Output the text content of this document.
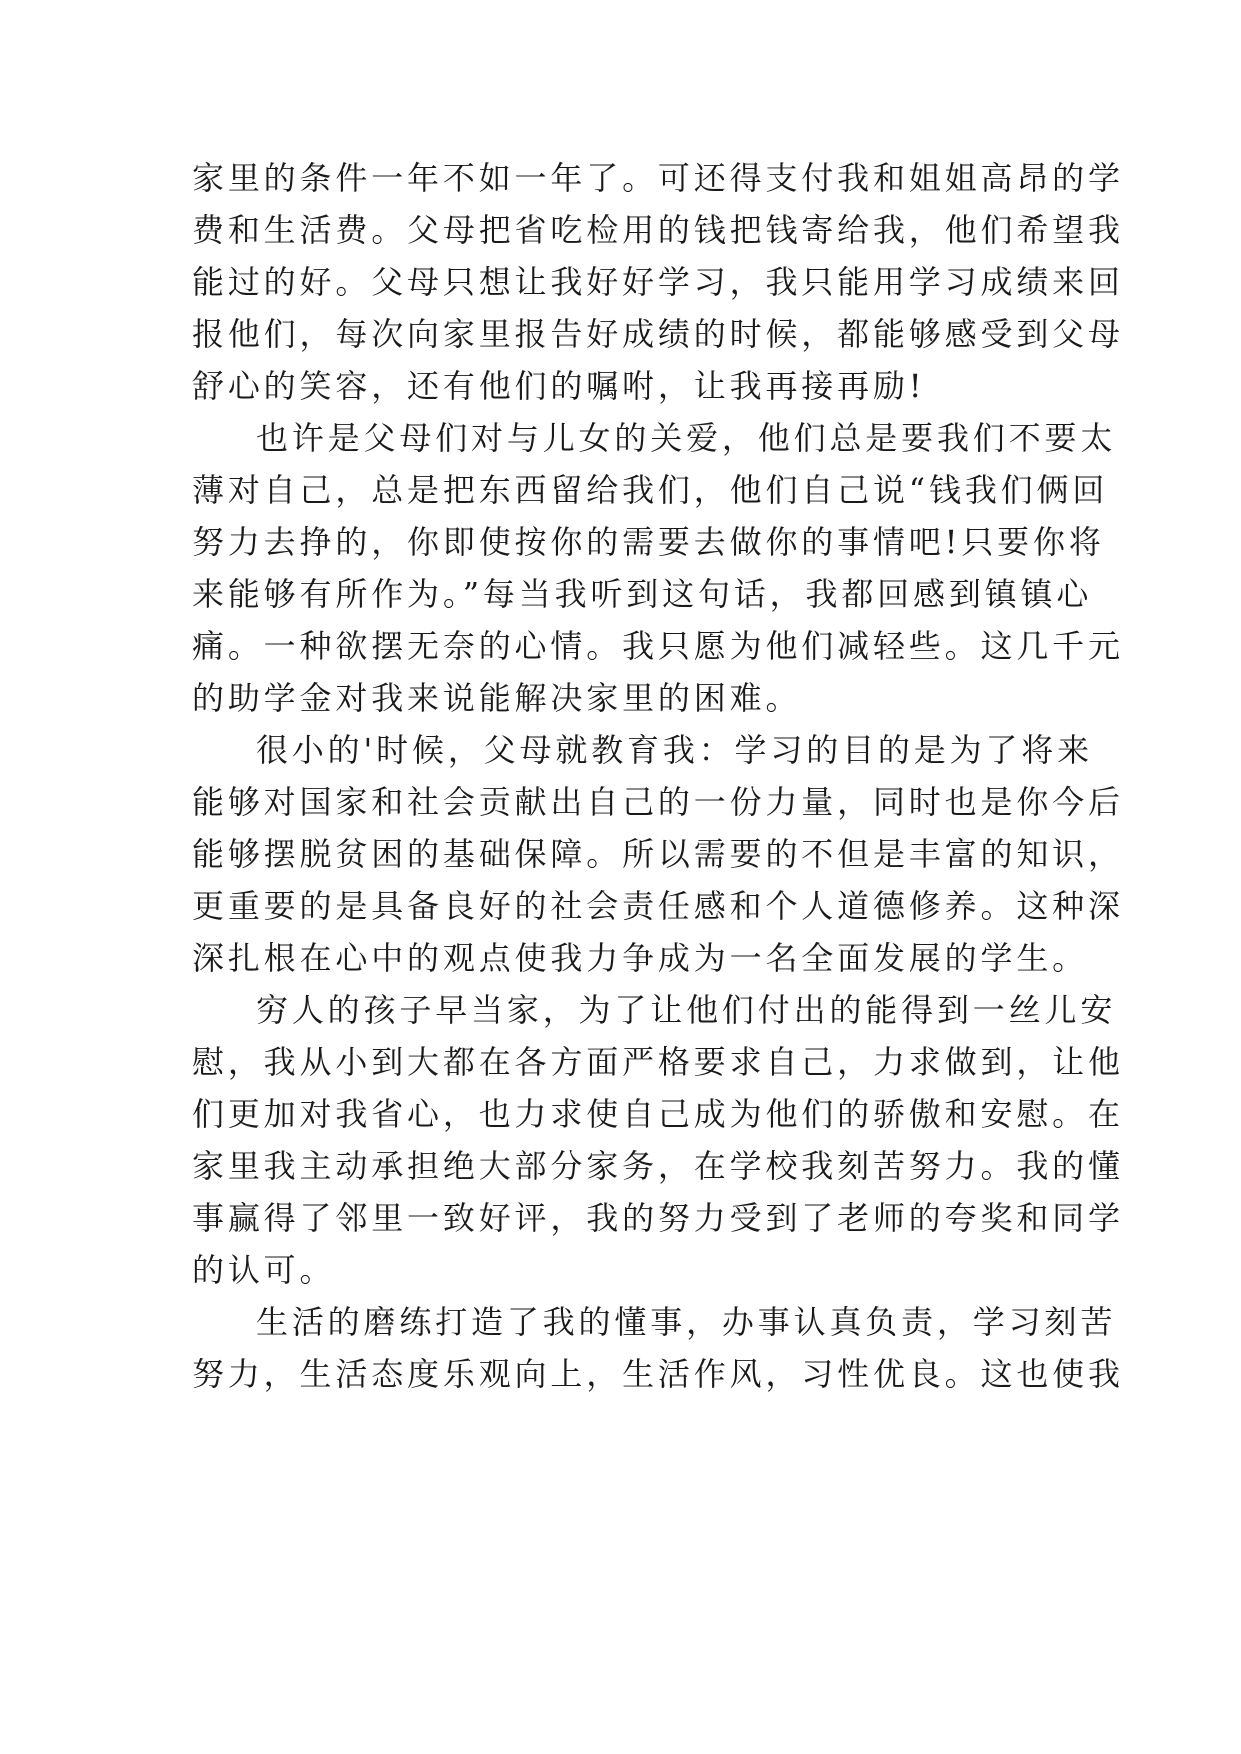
家里的条件一年不如一年了。可还得支付我和姐姐高昂的学
费和生活费。父母把省吃检用的钱把钱寄给我，他们希望我
能过的好。父母只想让我好好学习，我只能用学习成绩来回
报他们，每次向家里报告好成绩的时候，都能够感受到父母
舒心的笑容，还有他们的嘱咐，让我再接再励!
也许是父母们对与儿女的关爱，他们总是要我们不要太
薄对自己，总是把东西留给我们，他们自己说“钱我们俩回
努力去挣的，你即使按你的需要去做你的事情吧!只要你将
来能够有所作为。”每当我听到这句话，我都回感到镇镇心
痛。一种欲摆无奈的心情。我只愿为他们减轻些。这几千元
的助学金对我来说能解决家里的困难。
很小的'时候，父母就教育我：学习的目的是为了将来
能够对国家和社会贡献出自己的一份力量，同时也是你今后
能够摆脱贫困的基础保障。所以需要的不但是丰富的知识，
更重要的是具备良好的社会责任感和个人道德修养。这种深
深扎根在心中的观点使我力争成为一名全面发展的学生。
穷人的孩子早当家，为了让他们付出的能得到一丝儿安
慰，我从小到大都在各方面严格要求自己，力求做到，让他
们更加对我省心，也力求使自己成为他们的骄傲和安慰。在
家里我主动承担绝大部分家务，在学校我刻苦努力。我的懂
事赢得了邻里一致好评，我的努力受到了老师的夸奖和同学
的认可。
生活的磨练打造了我的懂事，办事认真负责，学习刻苦
努力，生活态度乐观向上，生活作风，习性优良。这也使我
